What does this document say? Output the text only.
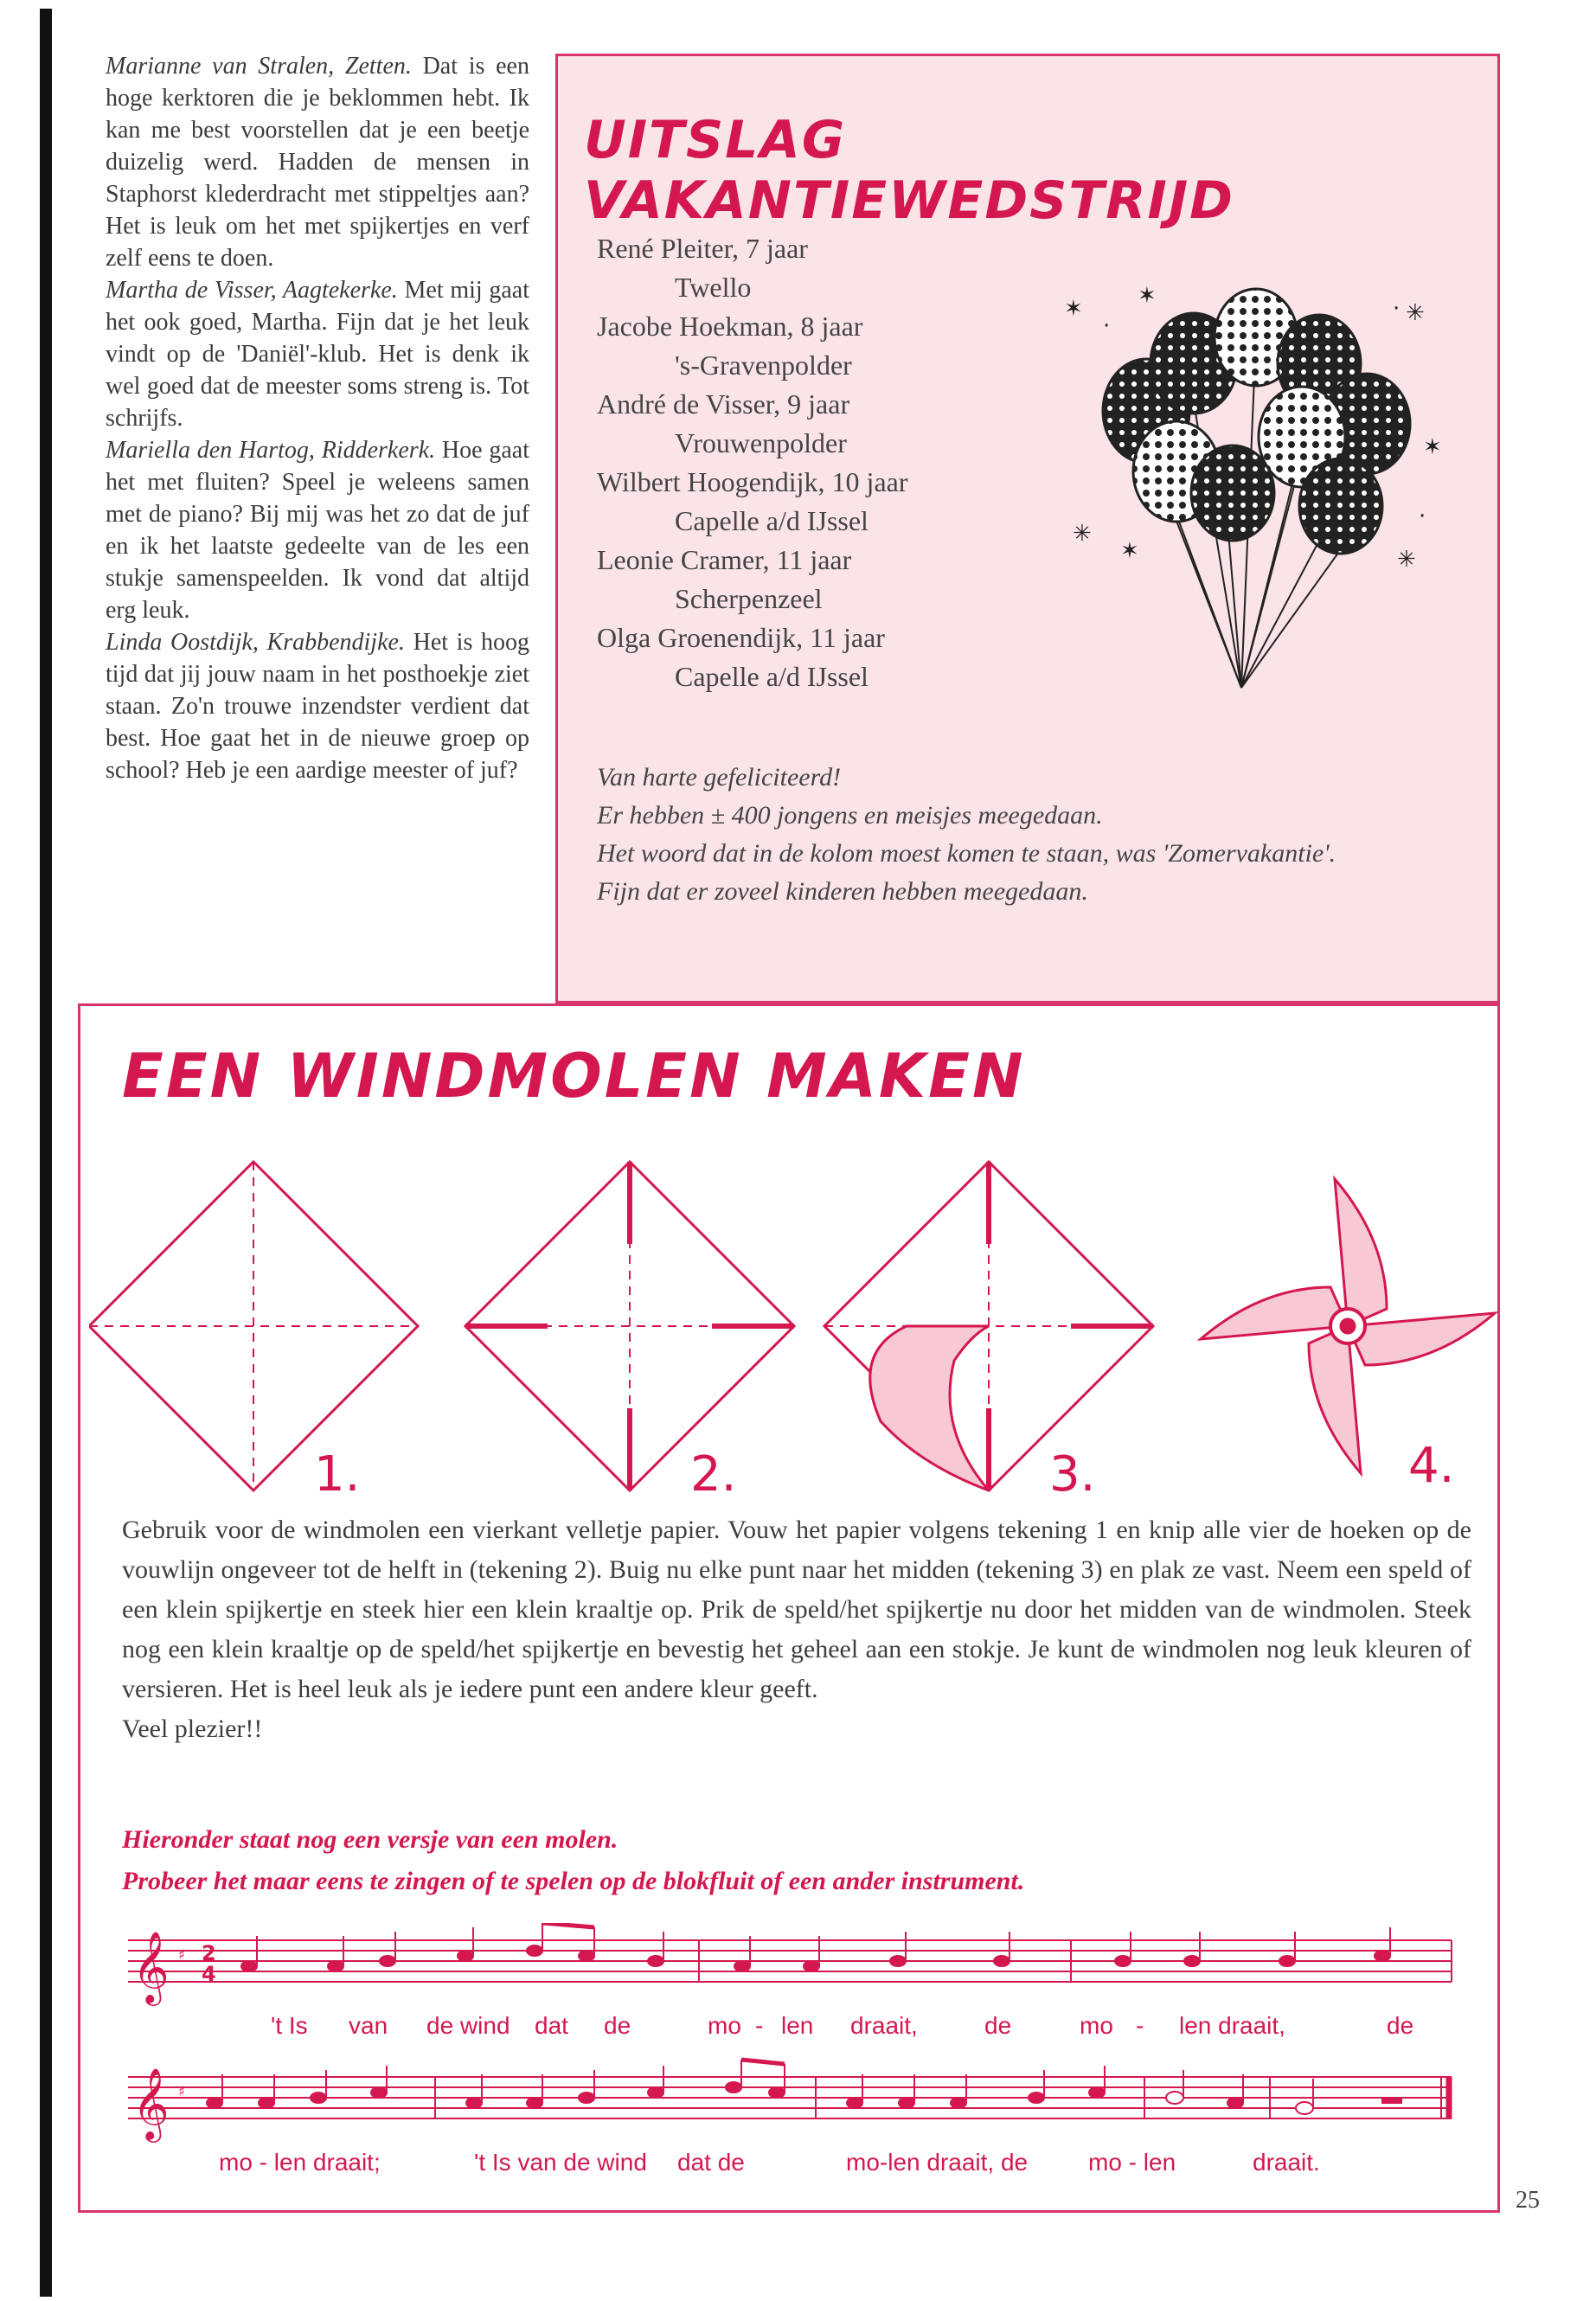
Marianne van Stralen, Zetten. Dat is een hoge kerktoren die je beklommen hebt. Ik kan me best voorstellen dat je een beetje duizelig werd. Hadden de mensen in Staphorst klederdracht met stippeltjes aan? Het is leuk om het met spijkertjes en verf zelf eens te doen.

Martha de Visser, Aagtekerke. Met mij gaat het ook goed, Martha. Fijn dat je het leuk vindt op de 'Daniël'-klub. Het is denk ik wel goed dat de meester soms streng is. Tot schrijfs.

Mariella den Hartog, Ridderkerk. Hoe gaat het met fluiten? Speel je weleens samen met de piano? Bij mij was het zo dat de juf en ik het laatste gedeelte van de les een stukje samenspeelden. Ik vond dat altijd erg leuk.

Linda Oostdijk, Krabbendijke. Het is hoog tijd dat jij jouw naam in het posthoekje ziet staan. Zo'n trouwe inzendster verdient dat best. Hoe gaat het in de nieuwe groep op school? Heb je een aardige meester of juf?

UITSLAG VAKANTIEWEDSTRIJD

René Pleiter, 7 jaar

Twello

Jacobe Hoekman, 8 jaar

's-Gravenpolder

André de Visser, 9 jaar

Vrouwenpolder

Wilbert Hoogendijk, 10 jaar

Capelle a/d IJssel

Leonie Cramer, 11 jaar

Scherpenzeel

Olga Groenendijk, 11 jaar

Capelle a/d IJssel

✶
·
✶
✳
✶
✳
✶	✳
·
·

Van harte gefeliciteerd!

Er hebben ± 400 jongens en meisjes meegedaan.

Het woord dat in de kolom moest komen te staan, was 'Zomervakantie'.

Fijn dat er zoveel kinderen hebben meegedaan.

EEN WINDMOLEN MAKEN
1.	2.	3.	4.

Gebruik voor de windmolen een vierkant velletje papier. Vouw het papier volgens tekening 1 en knip alle vier de hoeken op de vouwlijn ongeveer tot de helft in (tekening 2). Buig nu elke punt naar het midden (tekening 3) en plak ze vast. Neem een speld of een klein spijkertje en steek hier een klein kraaltje op. Prik de speld/het spijkertje nu door het midden van de windmolen. Steek nog een klein kraaltje op de speld/het spijkertje en bevestig het geheel aan een stokje. Je kunt de windmolen nog leuk kleuren of versieren. Het is heel leuk als je iedere punt een andere kleur geeft.

Veel plezier!!

Hieronder staat nog een versje van een molen.

Probeer het maar eens te zingen of te spelen op de blokfluit of een ander instrument.

𝄞
𝄞
♯
♯
2
4
't Is van de wind dat de	mo - len draait,	de	mo - len draait,	de
mo - len draait;	't Is van de wind dat de	mo-len draait, de mo - len	draait.
25
